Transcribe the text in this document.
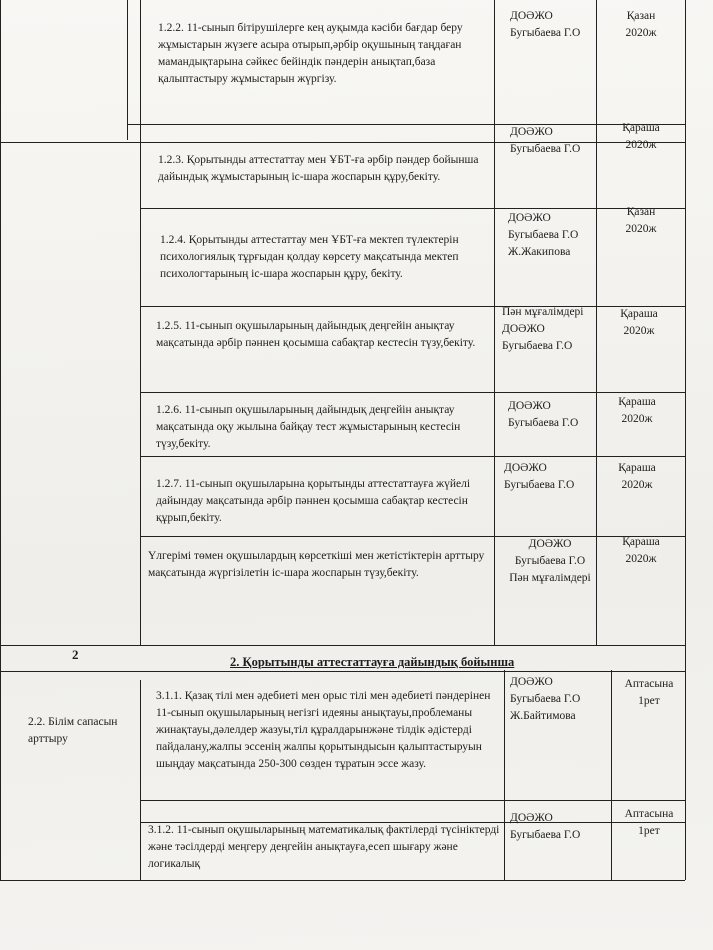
1.2.2. 11-сынып бітірушілерге кең ауқымда кәсіби бағдар беру жұмыстарын жүзеге асыра отырып,әрбір оқушының таңдаған мамандықтарына сәйкес бейіндік пәндерін анықтап,база қалыптастыру жұмыстарын жүргізу.
ДОӘЖО Бугыбаева Г.О
Қазан 2020ж
1.2.3. Қорытынды аттестаттау мен ҰБТ-ға әрбір пәндер бойынша дайындық жұмыстарының іс-шара жоспарын құру,бекіту.
ДОӘЖО Бугыбаева Г.О
Қараша 2020ж
1.2.4. Қорытынды аттестаттау мен ҰБТ-ға мектеп түлектерін психологиялық тұрғыдан қолдау көрсету мақсатында мектеп психологтарының іс-шара жоспарын құру, бекіту.
ДОӘЖО Бугыбаева Г.О Ж.Жакипова
Қазан 2020ж
1.2.5. 11-сынып оқушыларының дайындық деңгейін анықтау мақсатында әрбір пәннен қосымша сабақтар кестесін түзу,бекіту.
Пән мұғалімдері ДОӘЖО Бугыбаева Г.О
Қараша 2020ж
1.2.6. 11-сынып оқушыларының дайындық деңгейін анықтау мақсатында оқу жылына байқау тест жұмыстарының кестесін түзу,бекіту.
ДОӘЖО Бугыбаева Г.О
Қараша 2020ж
1.2.7. 11-сынып оқушыларына қорытынды аттестаттауға жүйелі дайындау мақсатында әрбір пәннен қосымша сабақтар кестесін құрып,бекіту.
ДОӘЖО Бугыбаева Г.О
Қараша 2020ж
Үлгерімі төмен оқушылардың көрсеткіші мен жетістіктерін арттыру мақсатында жүргізілетін іс-шара жоспарын түзу,бекіту.
ДОӘЖО Бугыбаева Г.О Пән мұғалімдері
Қараша 2020ж
2	2. Қорытынды аттестаттауға дайындық бойынша
2.2. Білім сапасын арттыру
3.1.1. Қазақ тілі мен әдебиеті мен орыс тілі мен әдебиеті пәндерінен 11-сынып оқушыларының негізгі идеяны анықтауы,проблеманы жинақтауы,дәлелдер жазуы,тіл құралдарынжәне тілдік әдістерді пайдалану,жалпы эссенің жалпы қорытындысын қалыптастыруын шыңдау мақсатында 250-300 сөзден тұратын эссе жазу.
ДОӘЖО Бугыбаева Г.О Ж.Байтимова
Аптасына 1рет
3.1.2. 11-сынып оқушыларының математикалық фактілерді түсініктерді және тәсілдерді меңгеру деңгейін анықтауға,есеп шығару және логикалық
ДОӘЖО Бугыбаева Г.О
Аптасына 1рет
